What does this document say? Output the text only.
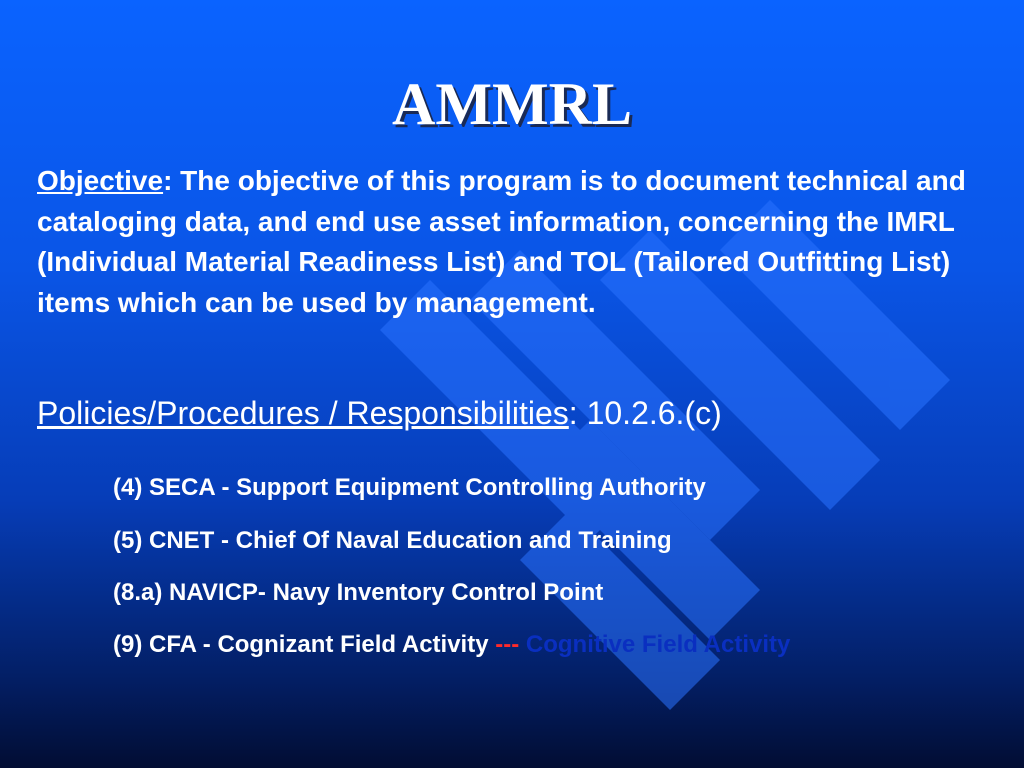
AMMRL
Objective: The objective of this program is to document technical and cataloging data, and end use asset information, concerning the IMRL (Individual Material Readiness List) and TOL (Tailored Outfitting List) items which can be used by management.
Policies/Procedures / Responsibilities: 10.2.6.(c)
(4) SECA - Support Equipment Controlling Authority
(5) CNET - Chief Of Naval Education and Training
(8.a) NAVICP- Navy Inventory Control Point
(9) CFA - Cognizant Field Activity --- Cognitive Field Activity
